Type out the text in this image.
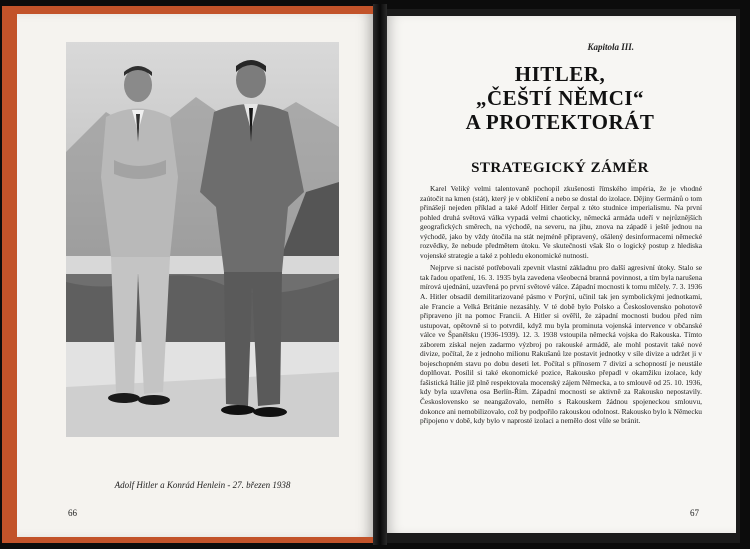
Adolf Hitler a Konrád Henlein - 27. březen 1938
66
Kapitola III.
HITLER,
„ČEŠTÍ NĚMCI“
A PROTEKTORÁT
STRATEGICKÝ ZÁMĚR

Karel Veliký velmi talentovaně pochopil zkušenosti římského impéria, že je vhodné zaútočit na kmen (stát), který je v obklíčení a nebo se dostal do izolace. Dějiny Germánů o tom přinášejí nejeden příklad a také Adolf Hitler čerpal z této studnice imperialismu. Na první pohled druhá světová válka vypadá velmi chaoticky, německá armáda udeří v nejrůznějších geografických směrech, na východě, na severu, na jihu, znova na západě i ještě jednou na východě, jako by vždy útočila na stát nejméně připravený, ošálený desinformacemi německé rozvědky, že nebude předmětem útoku. Ve skutečnosti však šlo o logický postup z hlediska vojenské strategie a také z pohledu ekonomické nutnosti.

Nejprve si nacisté potřebovali zpevnit vlastní základnu pro další agresivní útoky. Stalo se tak řadou opatření, 16. 3. 1935 byla zavedena všeobecná branná povinnost, a tím byla narušena mírová ujednání, uzavřená po první světové válce. Západní mocnosti k tomu mlčely. 7. 3. 1936 A. Hitler obsadil demilitarizované pásmo v Porýní, učinil tak jen symbolickými jednotkami, ale Francie a Velká Británie nezasáhly. V té době bylo Polsko a Československo pohotově připraveno jít na pomoc Francii. A Hitler si ověřil, že západní mocnosti budou před ním ustupovat, opětovně si to potvrdil, když mu byla prominuta vojenská intervence v občanské válce ve Španělsku (1936-1939). 12. 3. 1938 vstoupila německá vojska do Rakouska. Tímto záborem získal nejen zadarmo výzbroj po rakouské armádě, ale mohl postavit také nové divize, počítal, že z jednoho milionu Rakušanů lze postavit jednotky v síle divize a udržet ji v bojeschopném stavu po dobu deseti let. Počítal s přínosem 7 divizí a schopností je neustále doplňovat. Posílil si také ekonomické pozice, Rakousko přepadl v okamžiku izolace, kdy fašistická Itálie již plně respektovala mocenský zájem Německa, a to smlouvě od 25. 10. 1936, kdy byla uzavřena osa Berlín-Řím. Západní mocnosti se aktivně za Rakousko nepostavily. Československo se neangažovalo, nemělo s Rakouskem žádnou spojeneckou smlouvu, dokonce ani nemobilizovalo, což by podpořilo rakouskou odolnost. Rakousko bylo k Německu připojeno v době, kdy bylo v naprosté izolaci a nemělo dost vůle se bránit.

67
